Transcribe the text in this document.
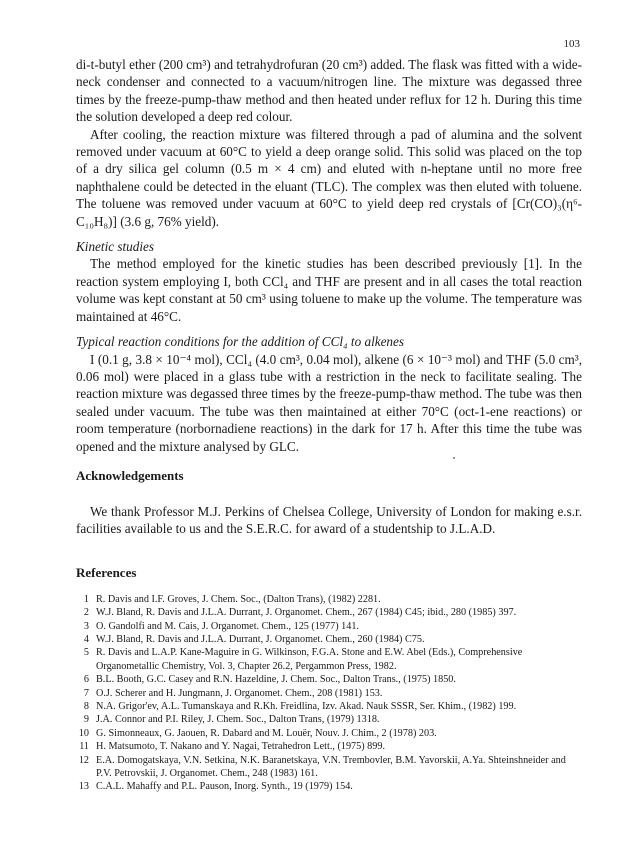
103

di-t-butyl ether (200 cm³) and tetrahydrofuran (20 cm³) added. The flask was fitted with a wide-neck condenser and connected to a vacuum/nitrogen line. The mixture was degassed three times by the freeze-pump-thaw method and then heated under reflux for 12 h. During this time the solution developed a deep red colour.

After cooling, the reaction mixture was filtered through a pad of alumina and the solvent removed under vacuum at 60°C to yield a deep orange solid. This solid was placed on the top of a dry silica gel column (0.5 m × 4 cm) and eluted with n-heptane until no more free naphthalene could be detected in the eluant (TLC). The complex was then eluted with toluene. The toluene was removed under vacuum at 60°C to yield deep red crystals of [Cr(CO)₃(η⁶-C₁₀H₈)] (3.6 g, 76% yield).

Kinetic studies

The method employed for the kinetic studies has been described previously [1]. In the reaction system employing I, both CCl₄ and THF are present and in all cases the total reaction volume was kept constant at 50 cm³ using toluene to make up the volume. The temperature was maintained at 46°C.

Typical reaction conditions for the addition of CCl₄ to alkenes

I (0.1 g, 3.8 × 10⁻⁴ mol), CCl₄ (4.0 cm³, 0.04 mol), alkene (6 × 10⁻³ mol) and THF (5.0 cm³, 0.06 mol) were placed in a glass tube with a restriction in the neck to facilitate sealing. The reaction mixture was degassed three times by the freeze-pump-thaw method. The tube was then sealed under vacuum. The tube was then maintained at either 70°C (oct-1-ene reactions) or room temperature (norbornadiene reactions) in the dark for 17 h. After this time the tube was opened and the mixture analysed by GLC.

Acknowledgements

We thank Professor M.J. Perkins of Chelsea College, University of London for making e.s.r. facilities available to us and the S.E.R.C. for award of a studentship to J.L.A.D.

References

1 R. Davis and I.F. Groves, J. Chem. Soc., (Dalton Trans), (1982) 2281.
2 W.J. Bland, R. Davis and J.L.A. Durrant, J. Organomet. Chem., 267 (1984) C45; ibid., 280 (1985) 397.
3 O. Gandolfi and M. Cais, J. Organomet. Chem., 125 (1977) 141.
4 W.J. Bland, R. Davis and J.L.A. Durrant, J. Organomet. Chem., 260 (1984) C75.
5 R. Davis and L.A.P. Kane-Maguire in G. Wilkinson, F.G.A. Stone and E.W. Abel (Eds.), Comprehensive Organometallic Chemistry, Vol. 3, Chapter 26.2, Pergammon Press, 1982.
6 B.L. Booth, G.C. Casey and R.N. Hazeldine, J. Chem. Soc., Dalton Trans., (1975) 1850.
7 O.J. Scherer and H. Jungmann, J. Organomet. Chem., 208 (1981) 153.
8 N.A. Grigor'ev, A.L. Tumanskaya and R.Kh. Freidlina, Izv. Akad. Nauk SSSR, Ser. Khim., (1982) 199.
9 J.A. Connor and P.I. Riley, J. Chem. Soc., Dalton Trans, (1979) 1318.
10 G. Simonneaux, G. Jaouen, R. Dabard and M. Louër, Nouv. J. Chim., 2 (1978) 203.
11 H. Matsumoto, T. Nakano and Y. Nagai, Tetrahedron Lett., (1975) 899.
12 E.A. Domogatskaya, V.N. Setkina, N.K. Baranetskaya, V.N. Trembovler, B.M. Yavorskii, A.Ya. Shteinshneider and P.V. Petrovskii, J. Organomet. Chem., 248 (1983) 161.
13 C.A.L. Mahaffy and P.L. Pauson, Inorg. Synth., 19 (1979) 154.
